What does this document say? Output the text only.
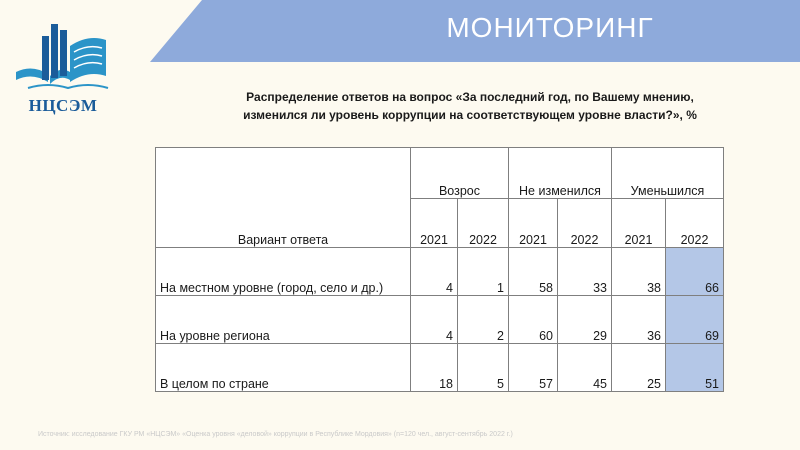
МОНИТОРИНГ
НЦСЭМ	Распределение ответов на вопрос «За последний год, по Вашему мнению,
изменился ли уровень коррупции на соответствующем уровне власти?», %
Вариант ответа	Возрос		Не изменился		Уменьшился	
	2021	2022	2021	2022	2021	2022
На местном уровне (город, село и др.)	4	1	58	33	38	66
На уровне региона	4	2	60	29	36	69
В целом по стране	18	5	57	45	25	51
Источник: исследование ГКУ РМ «НЦСЭМ» «Оценка уровня «деловой» коррупции в Республике Мордовия» (n=120 чел., август-сентябрь 2022 г.)
